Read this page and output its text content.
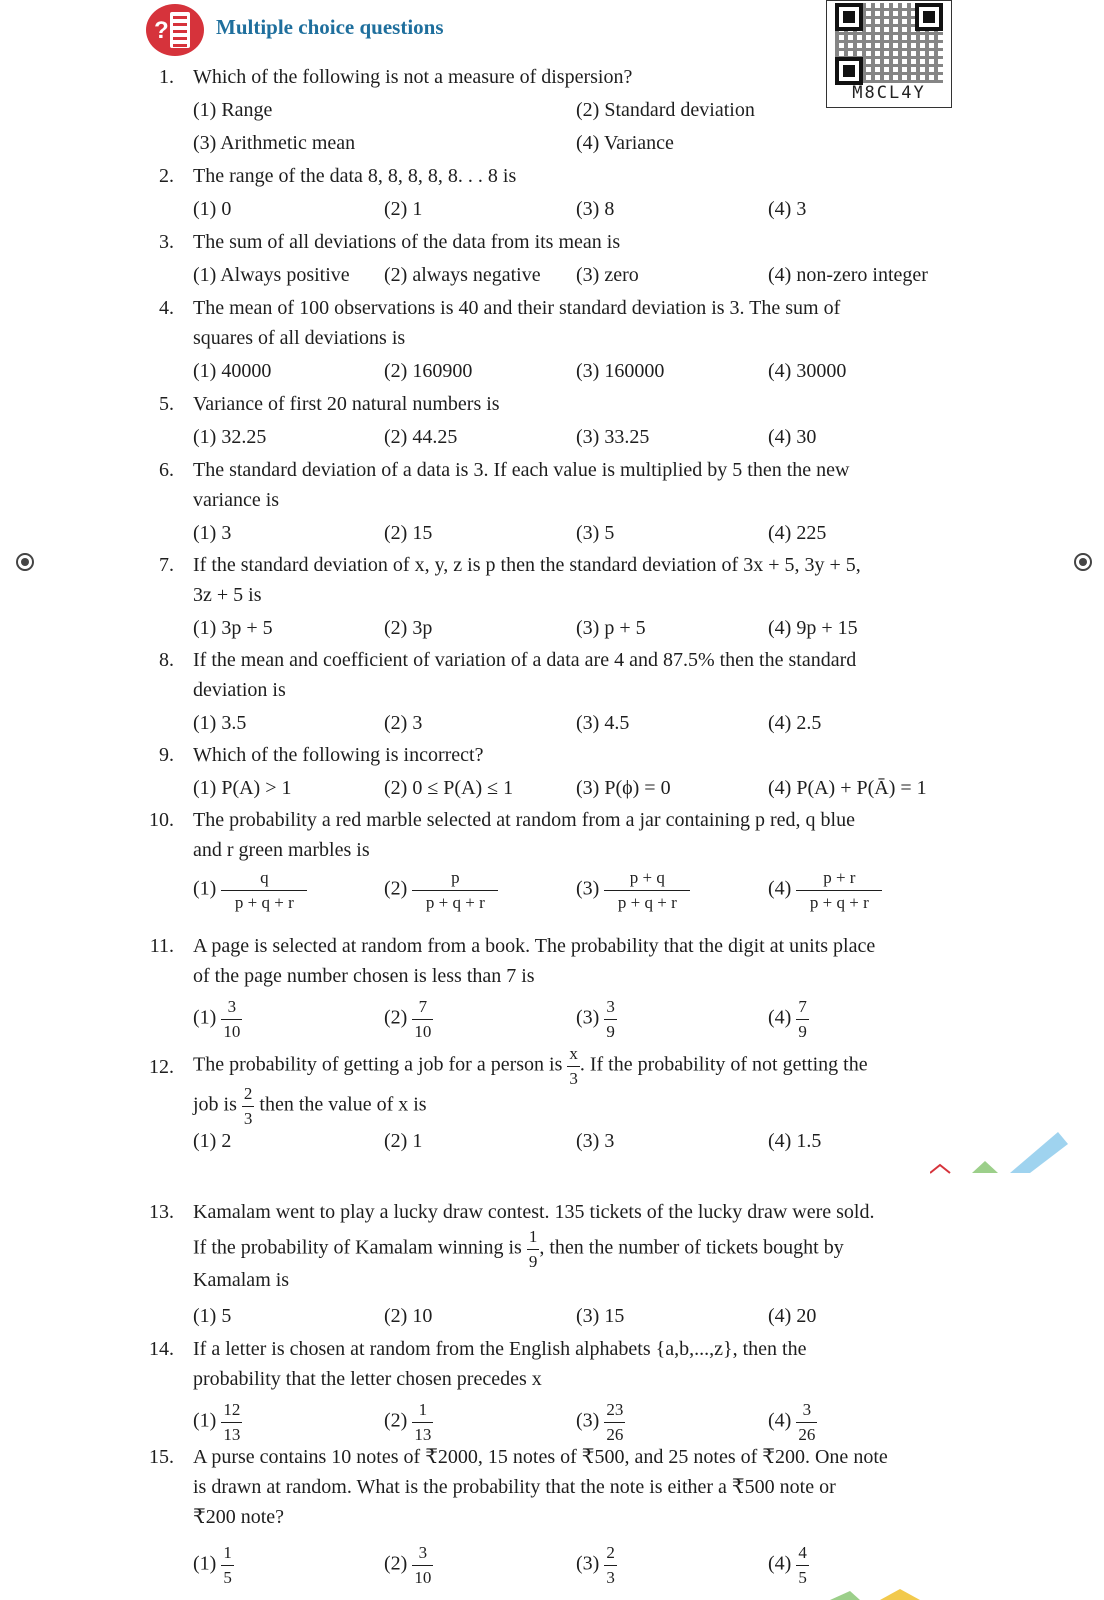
? Multiple choice questions
M8CL4Y
1. Which of the following is not a measure of dispersion?
(1) Range	(2) Standard deviation
(3) Arithmetic mean	(4) Variance
2. The range of the data 8, 8, 8, 8, 8. . . 8 is
(1) 0	(2) 1	(3) 8	(4) 3
3. The sum of all deviations of the data from its mean is
(1) Always positive (2) always negative (3) zero	(4) non-zero integer
4. The mean of 100 observations is 40 and their standard deviation is 3. The sum of
squares of all deviations is
(1) 40000	(2) 160900	(3) 160000	(4) 30000
5. Variance of first 20 natural numbers is
(1) 32.25	(2) 44.25	(3) 33.25	(4) 30
6. The standard deviation of a data is 3. If each value is multiplied by 5 then the new
variance is
(1) 3	(2) 15	(3) 5	(4) 225
7. If the standard deviation of x, y, z is p then the standard deviation of 3x + 5, 3y + 5,
3z + 5 is
(1) 3p + 5	(2) 3p	(3) p + 5	(4) 9p + 15
8. If the mean and coefficient of variation of a data are 4 and 87.5% then the standard
deviation is
(1) 3.5	(2) 3	(3) 4.5	(4) 2.5
9. Which of the following is incorrect?
(1) P(A) > 1	(2) 0 ≤ P(A) ≤ 1	(3) P(ϕ) = 0	(4) P(A) + P(Ā) = 1
10. The probability a red marble selected at random from a jar containing p red, q blue
and r green marbles is
$(1) \frac{q}{p + q + r}$	$(2) \frac{p}{p + q + r}$	$(3) \frac{p + q}{p + q + r}$	$(4) \frac{p + r}{p + q + r}$
11. A page is selected at random from a book. The probability that the digit at units place
of the page number chosen is less than 7 is
$(1) \frac{3}{10}$	$(2) \frac{7}{10}$	$(3) \frac{3}{9}$	$(4) \frac{7}{9}$
12. The probability of getting a job for a person is $\frac{x}{3}$ . If the probability of not getting the
job is $\frac{2}{3}$ then the value of x is
(1) 2	(2) 1	(3) 3	(4) 1.5
13. Kamalam went to play a lucky draw contest. 135 tickets of the lucky draw were sold.
If the probability of Kamalam winning is $\frac{1}{9}$ , then the number of tickets bought by
Kamalam is
(1) 5	(2) 10	(3) 15	(4) 20
14. If a letter is chosen at random from the English alphabets {a,b,...,z}, then the
probability that the letter chosen precedes x
$(1) \frac{12}{13}$	$(2) \frac{1}{13}$	$(3) \frac{23}{26}$	$(4) \frac{3}{26}$
15. A purse contains 10 notes of ₹2000, 15 notes of ₹500, and 25 notes of ₹200. One note
is drawn at random. What is the probability that the note is either a ₹500 note or
₹200 note?
$(1) \frac{1}{5}$	$(2) \frac{3}{10}$	$(3) \frac{2}{3}$	$(4) \frac{4}{5}$
